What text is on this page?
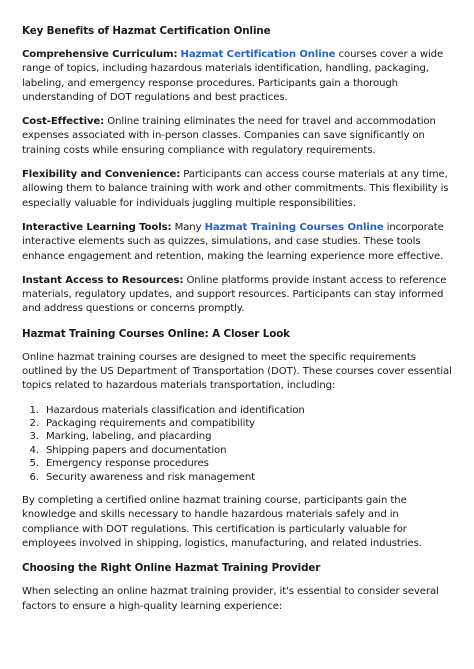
Key Benefits of Hazmat Certification Online

Comprehensive Curriculum: Hazmat Certification Online courses cover a wide range of topics, including hazardous materials identification, handling, packaging, labeling, and emergency response procedures. Participants gain a thorough understanding of DOT regulations and best practices.

Cost-Effective: Online training eliminates the need for travel and accommodation expenses associated with in-person classes. Companies can save significantly on training costs while ensuring compliance with regulatory requirements.

Flexibility and Convenience: Participants can access course materials at any time, allowing them to balance training with work and other commitments. This flexibility is especially valuable for individuals juggling multiple responsibilities.

Interactive Learning Tools: Many Hazmat Training Courses Online incorporate interactive elements such as quizzes, simulations, and case studies. These tools enhance engagement and retention, making the learning experience more effective.

Instant Access to Resources: Online platforms provide instant access to reference materials, regulatory updates, and support resources. Participants can stay informed and address questions or concerns promptly.

Hazmat Training Courses Online: A Closer Look

Online hazmat training courses are designed to meet the specific requirements outlined by the US Department of Transportation (DOT). These courses cover essential topics related to hazardous materials transportation, including:

1. Hazardous materials classification and identification
2. Packaging requirements and compatibility
3. Marking, labeling, and placarding
4. Shipping papers and documentation
5. Emergency response procedures
6. Security awareness and risk management

By completing a certified online hazmat training course, participants gain the knowledge and skills necessary to handle hazardous materials safely and in compliance with DOT regulations. This certification is particularly valuable for employees involved in shipping, logistics, manufacturing, and related industries.

Choosing the Right Online Hazmat Training Provider

When selecting an online hazmat training provider, it's essential to consider several factors to ensure a high-quality learning experience:
